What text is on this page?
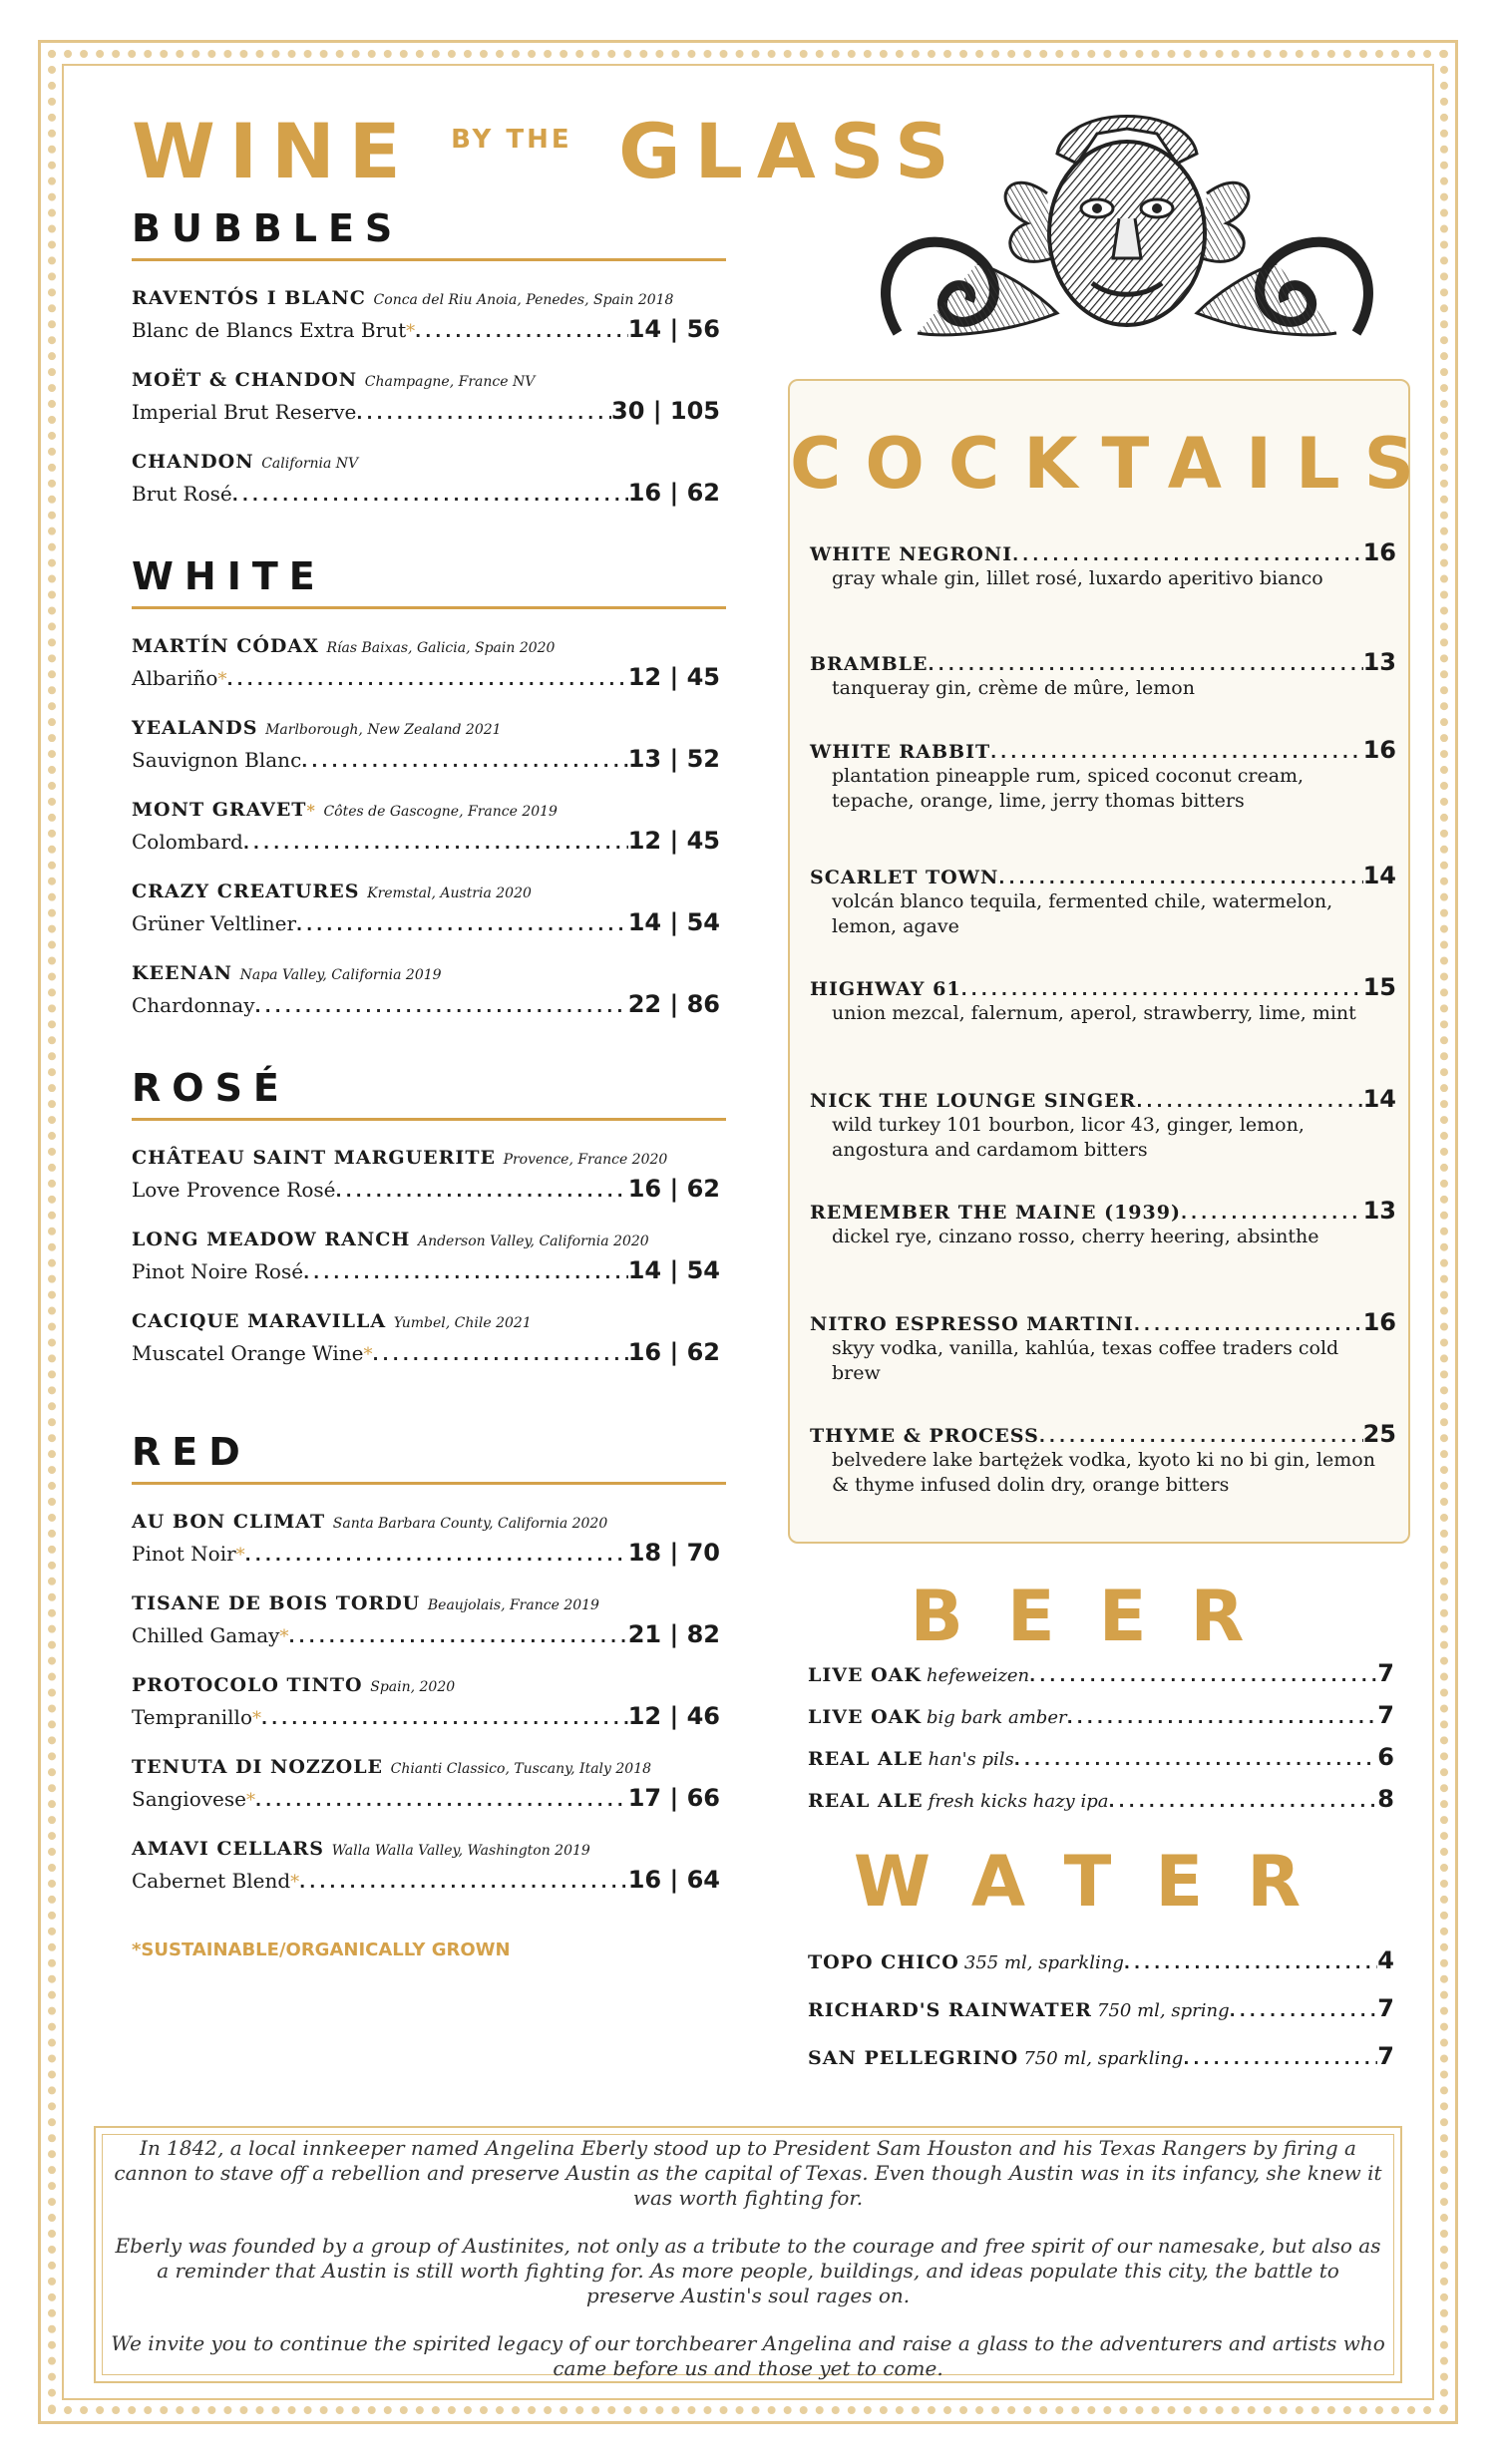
WINE $^{BY THE}$ GLASS
BUBBLES
RAVENTÓS I BLANC Conca del Riu Anoia, Penedes, Spain 2018
Blanc de Blancs Extra Brut * .....	14 | 56
MOËT & CHANDON Champagne, France NV
Imperial Brut Reserve .....	30 | 105
CHANDON California NV
Brut Rosé .....	16 | 62
WHITE
MARTÍN CÓDAX Rías Baixas, Galicia, Spain 2020
Albariño * .....	12 | 45
YEALANDS Marlborough, New Zealand 2021
Sauvignon Blanc .....	13 | 52
MONT GRAVET* Côtes de Gascogne, France 2019
Colombard .....	12 | 45
CRAZY CREATURES Kremstal, Austria 2020
Grüner Veltliner .....	14 | 54
KEENAN Napa Valley, California 2019
Chardonnay .....	22 | 86
ROSÉ
CHÂTEAU SAINT MARGUERITE Provence, France 2020
Love Provence Rosé .....	16 | 62
LONG MEADOW RANCH Anderson Valley, California 2020
Pinot Noire Rosé .....	14 | 54
CACIQUE MARAVILLA Yumbel, Chile 2021
Muscatel Orange Wine * .....	16 | 62
RED
AU BON CLIMAT Santa Barbara County, California 2020
Pinot Noir * .....	18 | 70
TISANE DE BOIS TORDU Beaujolais, France 2019
Chilled Gamay * .....	21 | 82
PROTOCOLO TINTO Spain, 2020
Tempranillo * .....	12 | 46
TENUTA DI NOZZOLE Chianti Classico, Tuscany, Italy 2018
Sangiovese * .....	17 | 66
AMAVI CELLARS Walla Walla Valley, Washington 2019
Cabernet Blend * .....	16 | 64
*SUSTAINABLE/ORGANICALLY GROWN
COCKTAILS
WHITE NEGRONI .....	16
gray whale gin, lillet rosé, luxardo aperitivo bianco
BRAMBLE .....	13
tanqueray gin, crème de mûre, lemon
WHITE RABBIT .....	16
plantation pineapple rum, spiced coconut cream, tepache, orange, lime, jerry thomas bitters
SCARLET TOWN .....	14
volcán blanco tequila, fermented chile, watermelon, lemon, agave
HIGHWAY 61 .....	15
union mezcal, falernum, aperol, strawberry, lime, mint
NICK THE LOUNGE SINGER .....	14
wild turkey 101 bourbon, licor 43, ginger, lemon, angostura and cardamom bitters
REMEMBER THE MAINE (1939) .....	13
dickel rye, cinzano rosso, cherry heering, absinthe
NITRO ESPRESSO MARTINI .....	16
skyy vodka, vanilla, kahlúa, texas coffee traders cold brew
THYME & PROCESS .....	25
belvedere lake bartężek vodka, kyoto ki no bi gin, lemon & thyme infused dolin dry, orange bitters
BEER
LIVE OAK
hefeweizen .....	7
LIVE OAK
big bark amber .....	7
REAL ALE
han's pils .....	6
REAL ALE
fresh kicks hazy ipa .....	8
WATER
TOPO CHICO
355 ml, sparkling .....	4
RICHARD'S RAINWATER
750 ml, spring .....	7
SAN PELLEGRINO
750 ml, sparkling .....	7
In 1842, a local innkeeper named Angelina Eberly stood up to President Sam Houston and his Texas Rangers by firing a cannon to stave off a rebellion and preserve Austin as the capital of Texas. Even though Austin was in its infancy, she knew it was worth fighting for.
Eberly was founded by a group of Austinites, not only as a tribute to the courage and free spirit of our namesake, but also as a reminder that Austin is still worth fighting for. As more people, buildings, and ideas populate this city, the battle to preserve Austin's soul rages on.
We invite you to continue the spirited legacy of our torchbearer Angelina and raise a glass to the adventurers and artists who came before us and those yet to come.
